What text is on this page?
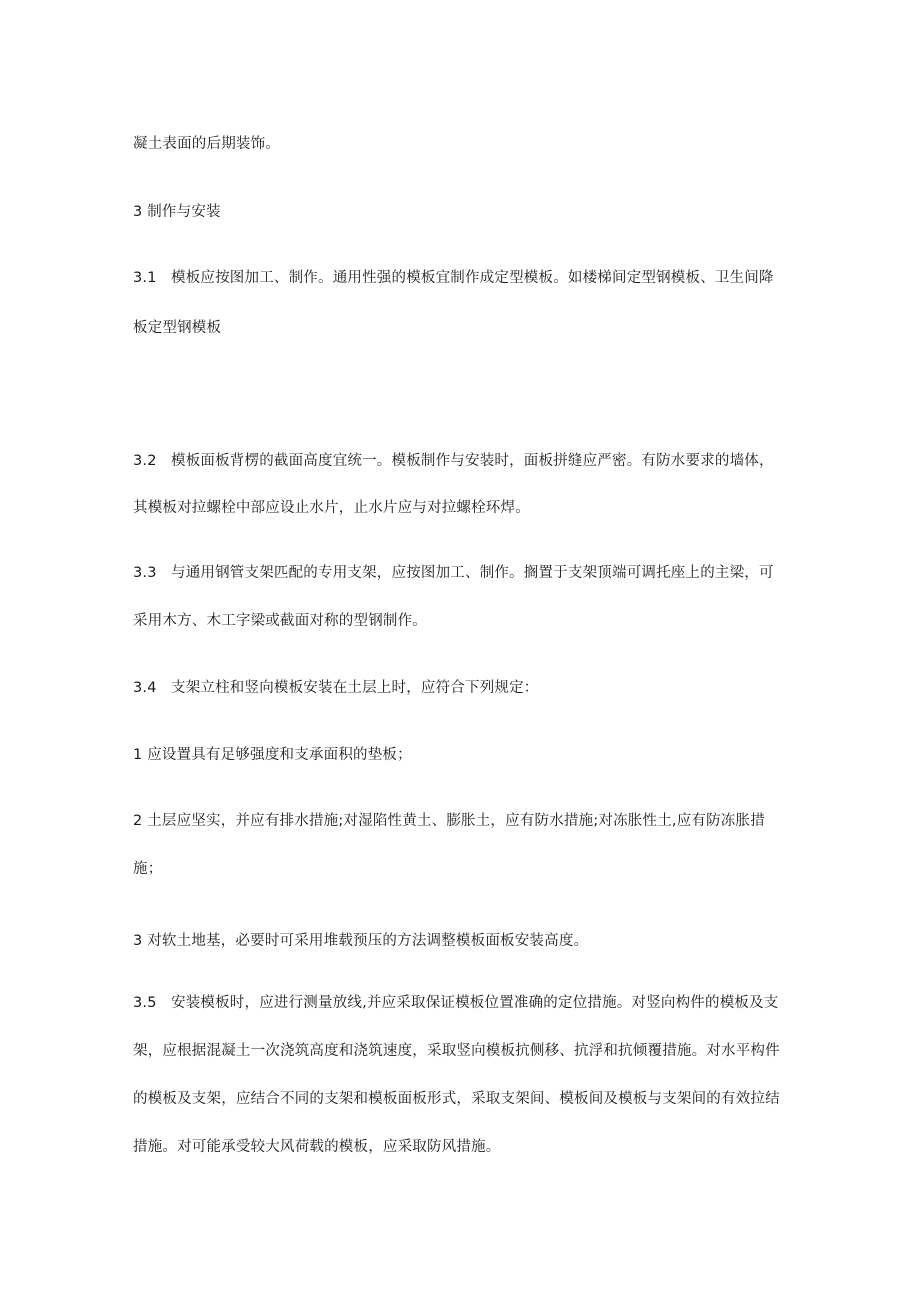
凝土表面的后期装饰。
3 制作与安装
3.1 模板应按图加工、制作。通用性强的模板宜制作成定型模板。如楼梯间定型钢模板、卫生间降
板定型钢模板
3.2 模板面板背楞的截面高度宜统一。模板制作与安装时，面板拼缝应严密。有防水要求的墙体，
其模板对拉螺栓中部应设止水片，止水片应与对拉螺栓环焊。
3.3 与通用钢管支架匹配的专用支架，应按图加工、制作。搁置于支架顶端可调托座上的主梁，可
采用木方、木工字梁或截面对称的型钢制作。
3.4 支架立柱和竖向模板安装在土层上时，应符合下列规定：
1 应设置具有足够强度和支承面积的垫板；
2 土层应坚实，并应有排水措施;对湿陷性黄土、膨胀土，应有防水措施;对冻胀性土,应有防冻胀措
施；
3 对软土地基，必要时可采用堆载预压的方法调整模板面板安装高度。
3.5 安装模板时，应进行测量放线,并应采取保证模板位置准确的定位措施。对竖向构件的模板及支
架，应根据混凝土一次浇筑高度和浇筑速度，采取竖向模板抗侧移、抗浮和抗倾覆措施。对水平构件
的模板及支架，应结合不同的支架和模板面板形式，采取支架间、模板间及模板与支架间的有效拉结
措施。对可能承受较大风荷载的模板，应采取防风措施。
